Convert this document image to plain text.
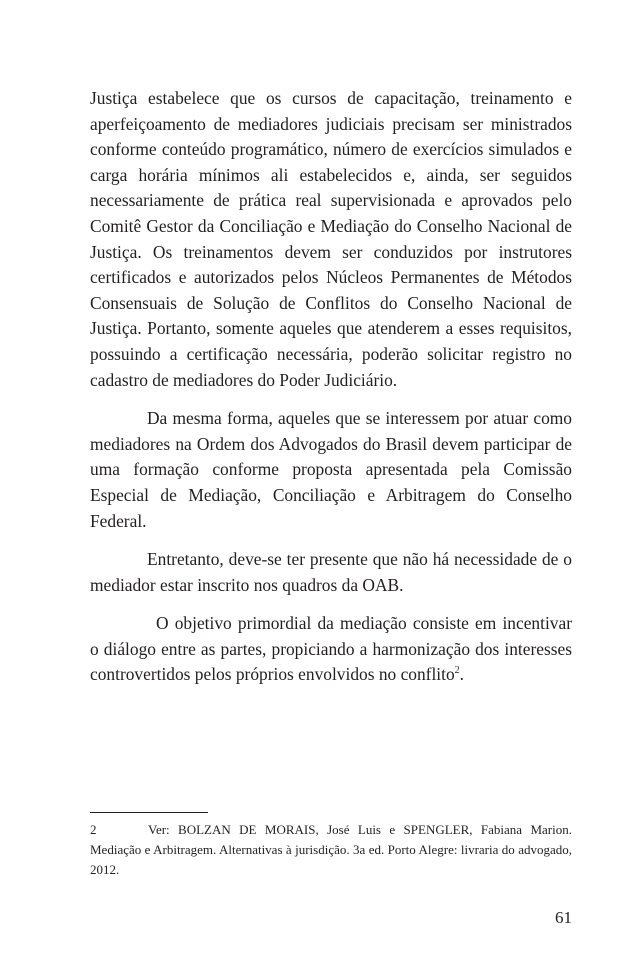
Justiça estabelece que os cursos de capacitação, treinamento e aperfeiçoamento de mediadores judiciais precisam ser ministrados conforme conteúdo programático, número de exercícios simulados e carga horária mínimos ali estabelecidos e, ainda, ser seguidos necessariamente de prática real supervisionada e aprovados pelo Comitê Gestor da Conciliação e Mediação do Conselho Nacional de Justiça. Os treinamentos devem ser conduzidos por instrutores certificados e autorizados pelos Núcleos Permanentes de Métodos Consensuais de Solução de Conflitos do Conselho Nacional de Justiça. Portanto, somente aqueles que atenderem a esses requisitos, possuindo a certificação necessária, poderão solicitar registro no cadastro de mediadores do Poder Judiciário.

Da mesma forma, aqueles que se interessem por atuar como mediadores na Ordem dos Advogados do Brasil devem participar de uma formação conforme proposta apresentada pela Comissão Especial de Mediação, Conciliação e Arbitragem do Conselho Federal.

Entretanto, deve-se ter presente que não há necessidade de o mediador estar inscrito nos quadros da OAB.

O objetivo primordial da mediação consiste em incentivar o diálogo entre as partes, propiciando a harmonização dos interesses controvertidos pelos próprios envolvidos no conflito$^2$.

2	Ver: BOLZAN DE MORAIS, José Luis e SPENGLER, Fabiana Marion. Mediação e Arbitragem. Alternativas à jurisdição. 3a ed. Porto Alegre: livraria do advogado, 2012.
61
